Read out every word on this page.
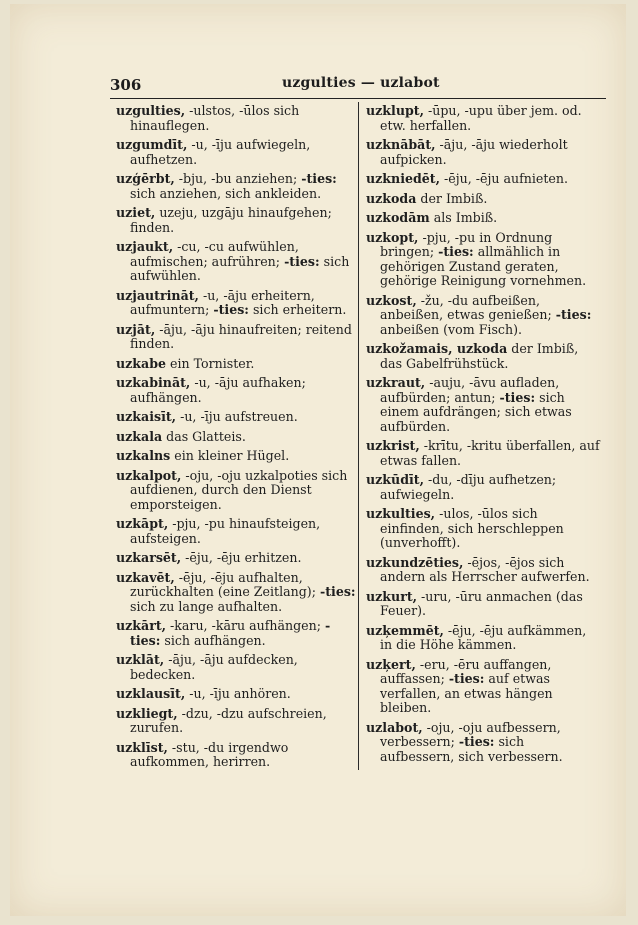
306	uzgulties — uzlabot
uzgulties, -ulstos, -ūlos sich hinauflegen.
uzgumdīt, -u, -īju aufwiegeln, aufhetzen.
uzģērbt, -bju, -bu anziehen; -ties: sich anziehen, sich ankleiden.
uziet, uzeju, uzgāju hinaufgehen; finden.
uzjaukt, -cu, -cu aufwühlen, aufmischen; aufrühren; -ties: sich aufwühlen.
uzjautrināt, -u, -āju erheitern, aufmuntern; -ties: sich erheitern.
uzjāt, -āju, -āju hinaufreiten; reitend finden.
uzkabe ein Tornister.
uzkabināt, -u, -āju aufhaken; aufhängen.
uzkaisīt, -u, -īju aufstreuen.
uzkala das Glatteis.
uzkalns ein kleiner Hügel.
uzkalpot, -oju, -oju uzkalpoties sich aufdienen, durch den Dienst emporsteigen.
uzkāpt, -pju, -pu hinaufsteigen, aufsteigen.
uzkarsēt, -ēju, -ēju erhitzen.
uzkavēt, -ēju, -ēju aufhalten, zurückhalten (eine Zeitlang); -ties: sich zu lange aufhalten.
uzkārt, -karu, -kāru aufhängen; -ties: sich aufhängen.
uzklāt, -āju, -āju aufdecken, bedecken.
uzklausīt, -u, -īju anhören.
uzkliegt, -dzu, -dzu aufschreien, zurufen.
uzklīst, -stu, -du irgendwo aufkommen, herirren.
uzklupt, -ūpu, -upu über jem. od. etw. herfallen.
uzknābāt, -āju, -āju wiederholt aufpicken.
uzkniedēt, -ēju, -ēju aufnieten.
uzkoda der Imbiß.
uzkodām als Imbiß.
uzkopt, -pju, -pu in Ordnung bringen; -ties: allmählich in gehörigen Zustand geraten, gehörige Reinigung vornehmen.
uzkost, -žu, -du aufbeißen, anbeißen, etwas genießen; -ties: anbeißen (vom Fisch).
uzkožamais, uzkoda der Imbiß, das Gabelfrühstück.
uzkraut, -auju, -āvu aufladen, aufbürden; antun; -ties: sich einem aufdrängen; sich etwas aufbürden.
uzkrist, -krītu, -kritu überfallen, auf etwas fallen.
uzkūdīt, -du, -dīju aufhetzen; aufwiegeln.
uzkulties, -ulos, -ūlos sich einfinden, sich herschleppen (unverhofft).
uzkundzēties, -ējos, -ējos sich andern als Herrscher aufwerfen.
uzkurt, -uru, -ūru anmachen (das Feuer).
uzķemmēt, -ēju, -ēju aufkämmen, in die Höhe kämmen.
uzķert, -eru, -ēru auffangen, auffassen; -ties: auf etwas verfallen, an etwas hängen bleiben.
uzlabot, -oju, -oju aufbessern, verbessern; -ties: sich aufbessern, sich verbessern.
